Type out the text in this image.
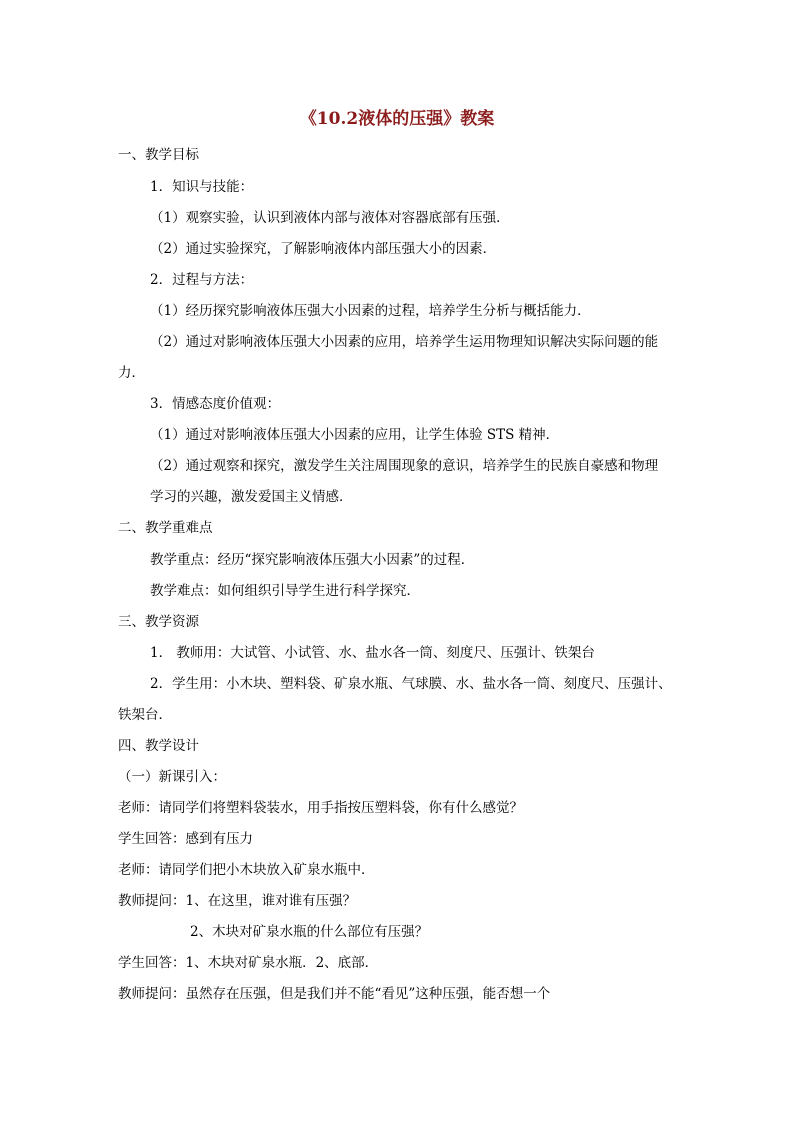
《10.2液体的压强》教案
一、教学目标
1．知识与技能：
（1）观察实验，认识到液体内部与液体对容器底部有压强．
（2）通过实验探究，了解影响液体内部压强大小的因素．
2．过程与方法：
（1）经历探究影响液体压强大小因素的过程，培养学生分析与概括能力．
（2）通过对影响液体压强大小因素的应用，培养学生运用物理知识解决实际问题的能
力．
3．情感态度价值观：
（1）通过对影响液体压强大小因素的应用，让学生体验 STS 精神．
（2）通过观察和探究，激发学生关注周围现象的意识，培养学生的民族自豪感和物理
学习的兴趣，激发爱国主义情感．
二、教学重难点
教学重点：经历“探究影响液体压强大小因素”的过程．
教学难点：如何组织引导学生进行科学探究．
三、教学资源
1． 教师用：大试管、小试管、水、盐水各一筒、刻度尺、压强计、铁架台
2．学生用：小木块、塑料袋、矿泉水瓶、气球膜、水、盐水各一筒、刻度尺、压强计、
铁架台．
四、教学设计
（一）新课引入：
老师：请同学们将塑料袋装水，用手指按压塑料袋，你有什么感觉？
学生回答：感到有压力
老师：请同学们把小木块放入矿泉水瓶中．
教师提问：1、在这里，谁对谁有压强？
2、木块对矿泉水瓶的什么部位有压强？
学生回答：1、木块对矿泉水瓶．2、底部．
教师提问：虽然存在压强，但是我们并不能“看见”这种压强，能否想一个
